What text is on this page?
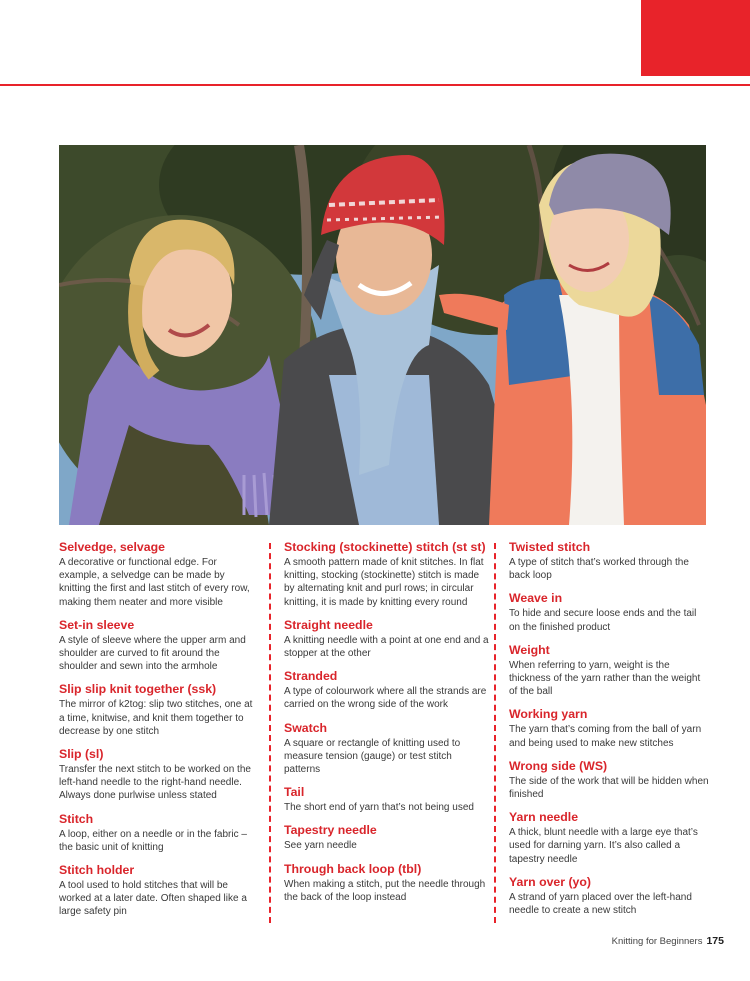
Selvedge, selvage

A decorative or functional edge. For example, a selvedge can be made by knitting the first and last stitch of every row, making them neater and more visible

Set-in sleeve

A style of sleeve where the upper arm and shoulder are curved to fit around the shoulder and sewn into the armhole

Slip slip knit together (ssk)

The mirror of k2tog: slip two stitches, one at a time, knitwise, and knit them together to decrease by one stitch

Slip (sl)

Transfer the next stitch to be worked on the left-hand needle to the right-hand needle. Always done purlwise unless stated

Stitch

A loop, either on a needle or in the fabric – the basic unit of knitting

Stitch holder

A tool used to hold stitches that will be worked at a later date. Often shaped like a large safety pin

Stocking (stockinette) stitch (st st)

A smooth pattern made of knit stitches. In flat knitting, stocking (stockinette) stitch is made by alternating knit and purl rows; in circular knitting, it is made by knitting every round

Straight needle

A knitting needle with a point at one end and a stopper at the other

Stranded

A type of colourwork where all the strands are carried on the wrong side of the work

Swatch

A square or rectangle of knitting used to measure tension (gauge) or test stitch patterns

Tail

The short end of yarn that’s not being used

Tapestry needle

See yarn needle

Through back loop (tbl)

When making a stitch, put the needle through the back of the loop instead

Twisted stitch

A type of stitch that’s worked through the back loop

Weave in

To hide and secure loose ends and the tail on the finished product

Weight

When referring to yarn, weight is the thickness of the yarn rather than the weight of the ball

Working yarn

The yarn that’s coming from the ball of yarn and being used to make new stitches

Wrong side (WS)

The side of the work that will be hidden when finished

Yarn needle

A thick, blunt needle with a large eye that’s used for darning yarn. It’s also called a tapestry needle

Yarn over (yo)

A strand of yarn placed over the left-hand needle to create a new stitch

Knitting for Beginners 175
